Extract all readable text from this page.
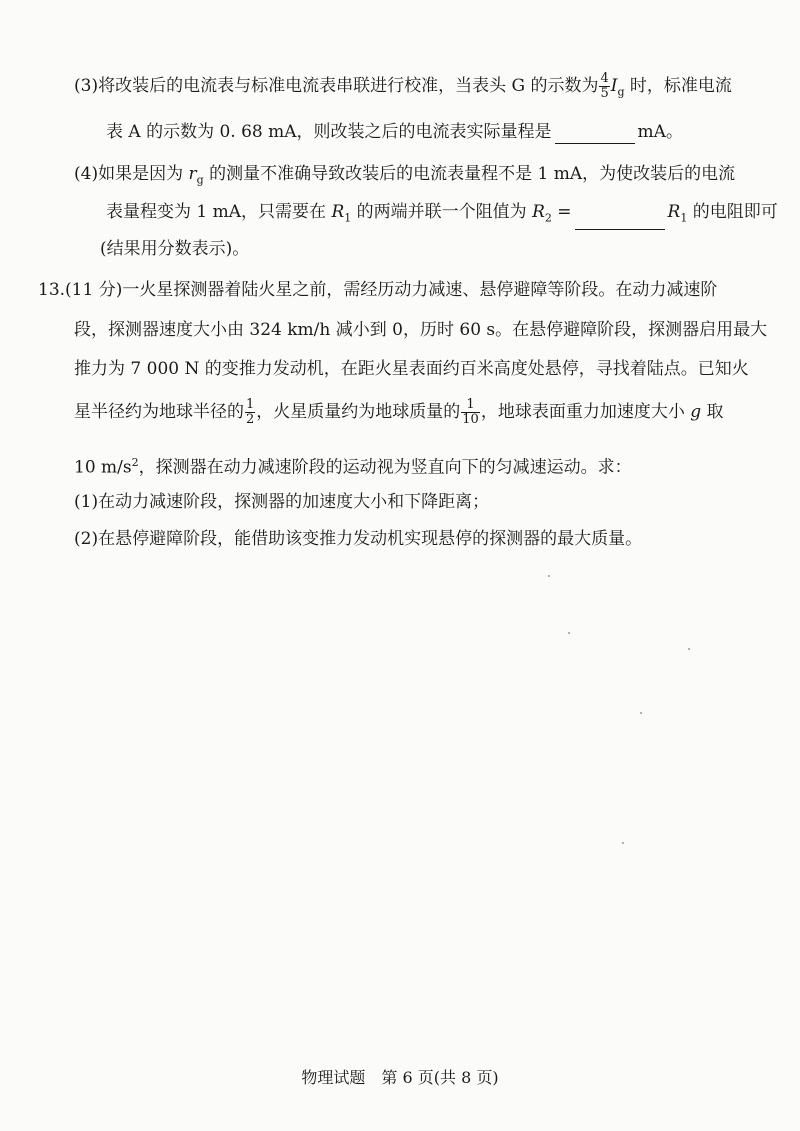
(3)将改装后的电流表与标准电流表串联进行校准，当表头 G 的示数为 $\frac{4}{5} I_g$ 时，标准电流
表 A 的示数为 0. 68 mA，则改装之后的电流表实际量程是	mA。
(4)如果是因为 $r_g$ 的测量不准确导致改装后的电流表量程不是 1 mA，为使改装后的电流
表量程变为 1 mA，只需要在 $R_1$ 的两端并联一个阻值为 $R_2$ =	$R_1$ 的电阻即可
(结果用分数表示)。
13.(11 分)一火星探测器着陆火星之前，需经历动力减速、悬停避障等阶段。在动力减速阶
段，探测器速度大小由 324 km/h 减小到 0，历时 60 s。在悬停避障阶段，探测器启用最大
推力为 7 000 N 的变推力发动机，在距火星表面约百米高度处悬停，寻找着陆点。已知火
星半径约为地球半径的 $\frac{1}{2}$ ，火星质量约为地球质量的 $\frac{1}{10}$ ，地球表面重力加速度大小 g 取
10 $m/s^2$，探测器在动力减速阶段的运动视为竖直向下的匀减速运动。求：
(1)在动力减速阶段，探测器的加速度大小和下降距离；
(2)在悬停避障阶段，能借助该变推力发动机实现悬停的探测器的最大质量。
物理试题　第 6 页(共 8 页)
